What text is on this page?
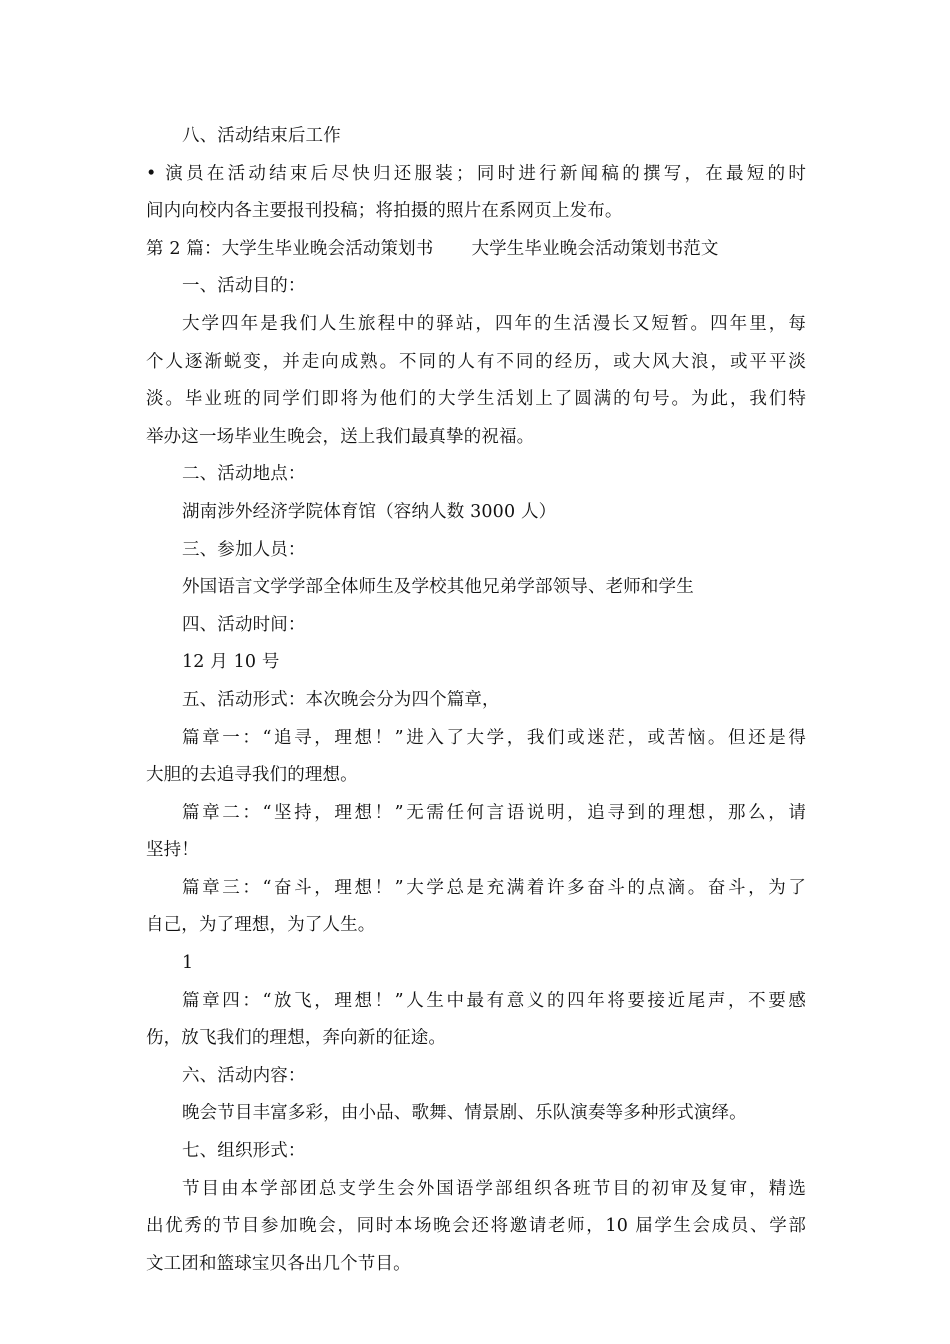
八、活动结束后工作
• 演员在活动结束后尽快归还服装；同时进行新闻稿的撰写，在最短的时
间内向校内各主要报刊投稿；将拍摄的照片在系网页上发布。
第 2 篇：大学生毕业晚会活动策划书 大学生毕业晚会活动策划书范文
一、活动目的：
大学四年是我们人生旅程中的驿站，四年的生活漫长又短暂。四年里，每
个人逐渐蜕变，并走向成熟。不同的人有不同的经历，或大风大浪，或平平淡
淡。毕业班的同学们即将为他们的大学生活划上了圆满的句号。为此，我们特
举办这一场毕业生晚会，送上我们最真挚的祝福。
二、活动地点：
湖南涉外经济学院体育馆（容纳人数 3000 人）
三、参加人员：
外国语言文学学部全体师生及学校其他兄弟学部领导、老师和学生
四、活动时间：
12 月 10 号
五、活动形式：本次晚会分为四个篇章，
篇章一：“追寻，理想！”进入了大学，我们或迷茫，或苦恼。但还是得
大胆的去追寻我们的理想。
篇章二：“坚持，理想！”无需任何言语说明，追寻到的理想，那么，请
坚持！
篇章三：“奋斗，理想！”大学总是充满着许多奋斗的点滴。奋斗，为了
自己，为了理想，为了人生。
1
篇章四：“放飞，理想！”人生中最有意义的四年将要接近尾声，不要感
伤，放飞我们的理想，奔向新的征途。
六、活动内容：
晚会节目丰富多彩，由小品、歌舞、情景剧、乐队演奏等多种形式演绎。
七、组织形式：
节目由本学部团总支学生会外国语学部组织各班节目的初审及复审，精选
出优秀的节目参加晚会，同时本场晚会还将邀请老师，10 届学生会成员、学部
文工团和篮球宝贝各出几个节目。
